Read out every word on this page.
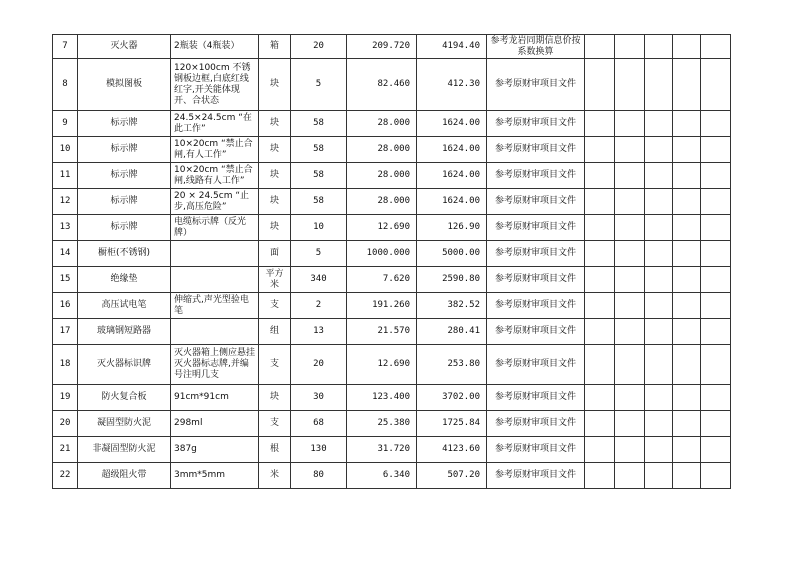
7	灭火器	2瓶装（4瓶装）	箱	20	209.720	4194.40	参考龙岩同期信息价按系数换算					
8	模拟图板	120×100cm 不锈钢板边框,白底红线红字,开关能体现开、合状态	块	5	82.460	412.30	参考原财审项目文件					
9	标示牌	24.5×24.5cm “在此工作”	块	58	28.000	1624.00	参考原财审项目文件					
10	标示牌	10×20cm “禁止合闸,有人工作”	块	58	28.000	1624.00	参考原财审项目文件					
11	标示牌	10×20cm “禁止合闸,线路有人工作”	块	58	28.000	1624.00	参考原财审项目文件					
12	标示牌	20 × 24.5cm “止步,高压危险”	块	58	28.000	1624.00	参考原财审项目文件					
13	标示牌	电缆标示牌（反光牌）	块	10	12.690	126.90	参考原财审项目文件					
14	橱柜(不锈钢)		面	5	1000.000	5000.00	参考原财审项目文件					
15	绝缘垫		平方米	340	7.620	2590.80	参考原财审项目文件					
16	高压试电笔	伸缩式,声光型验电笔	支	2	191.260	382.52	参考原财审项目文件					
17	玻璃钢短路器		组	13	21.570	280.41	参考原财审项目文件					
18	灭火器标识牌	灭火器箱上侧应悬挂灭火器标志牌,并编号注明几支	支	20	12.690	253.80	参考原财审项目文件					
19	防火复合板	91cm*91cm	块	30	123.400	3702.00	参考原财审项目文件					
20	凝固型防火泥	298ml	支	68	25.380	1725.84	参考原财审项目文件					
21	非凝固型防火泥	387g	根	130	31.720	4123.60	参考原财审项目文件					
22	超级阻火带	3mm*5mm	米	80	6.340	507.20	参考原财审项目文件					
